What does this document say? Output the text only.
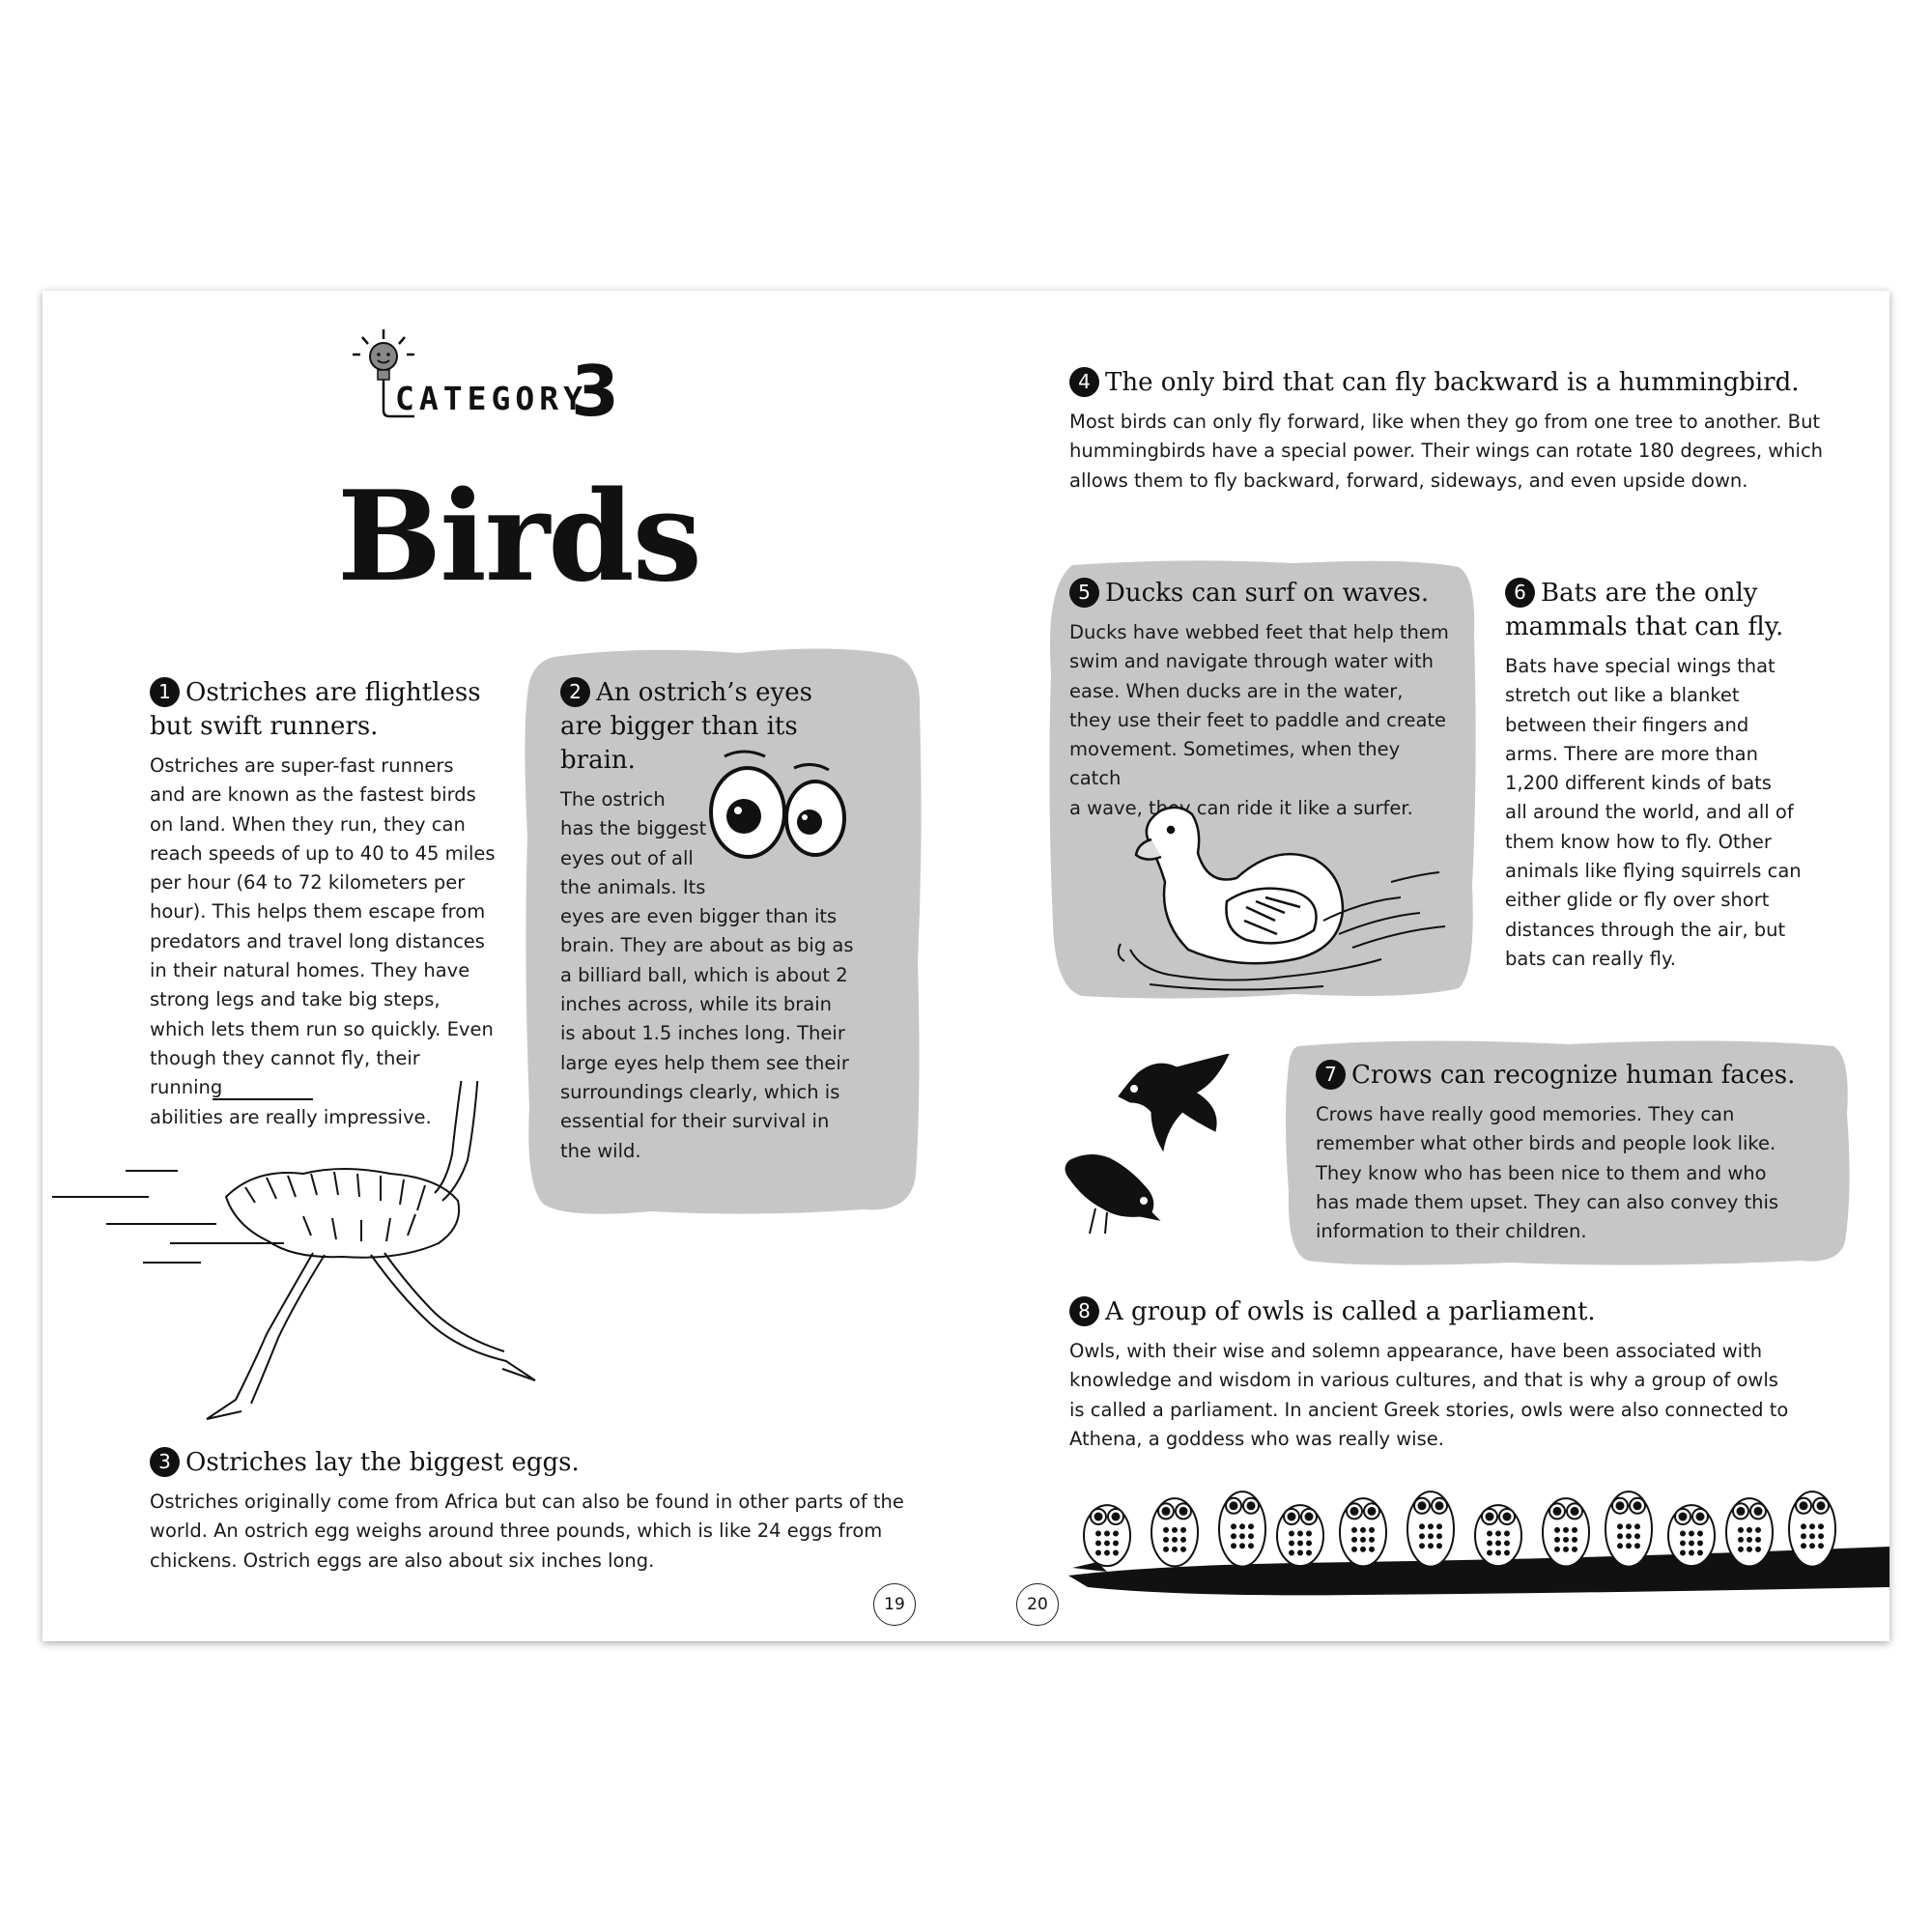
CATEGORY
3
Birds
1 Ostriches are flightless
but swift runners.
Ostriches are super-fast runners
and are known as the fastest birds
on land. When they run, they can
reach speeds of up to 40 to 45 miles
per hour (64 to 72 kilometers per
hour). This helps them escape from
predators and travel long distances
in their natural homes. They have
strong legs and take big steps,
which lets them run so quickly. Even
though they cannot fly, their running
abilities are really impressive.
2 An ostrich’s eyes
are bigger than its
brain.
The ostrich
has the biggest
eyes out of all
the animals. Its
eyes are even bigger than its
brain. They are about as big as
a billiard ball, which is about 2
inches across, while its brain
is about 1.5 inches long. Their
large eyes help them see their
surroundings clearly, which is
essential for their survival in
the wild.
3 Ostriches lay the biggest eggs.
Ostriches originally come from Africa but can also be found in other parts of the
world. An ostrich egg weighs around three pounds, which is like 24 eggs from
chickens. Ostrich eggs are also about six inches long.
19
4 The only bird that can fly backward is a hummingbird.
Most birds can only fly forward, like when they go from one tree to another. But
hummingbirds have a special power. Their wings can rotate 180 degrees, which
allows them to fly backward, forward, sideways, and even upside down.
5 Ducks can surf on waves.
Ducks have webbed feet that help them
swim and navigate through water with
ease. When ducks are in the water,
they use their feet to paddle and create
movement. Sometimes, when they catch
a wave, they can ride it like a surfer.
6 Bats are the only
mammals that can fly.
Bats have special wings that
stretch out like a blanket
between their fingers and
arms. There are more than
1,200 different kinds of bats
all around the world, and all of
them know how to fly. Other
animals like flying squirrels can
either glide or fly over short
distances through the air, but
bats can really fly.
7 Crows can recognize human faces.
Crows have really good memories. They can
remember what other birds and people look like.
They know who has been nice to them and who
has made them upset. They can also convey this
information to their children.
8 A group of owls is called a parliament.
Owls, with their wise and solemn appearance, have been associated with
knowledge and wisdom in various cultures, and that is why a group of owls
is called a parliament. In ancient Greek stories, owls were also connected to
Athena, a goddess who was really wise.
20
